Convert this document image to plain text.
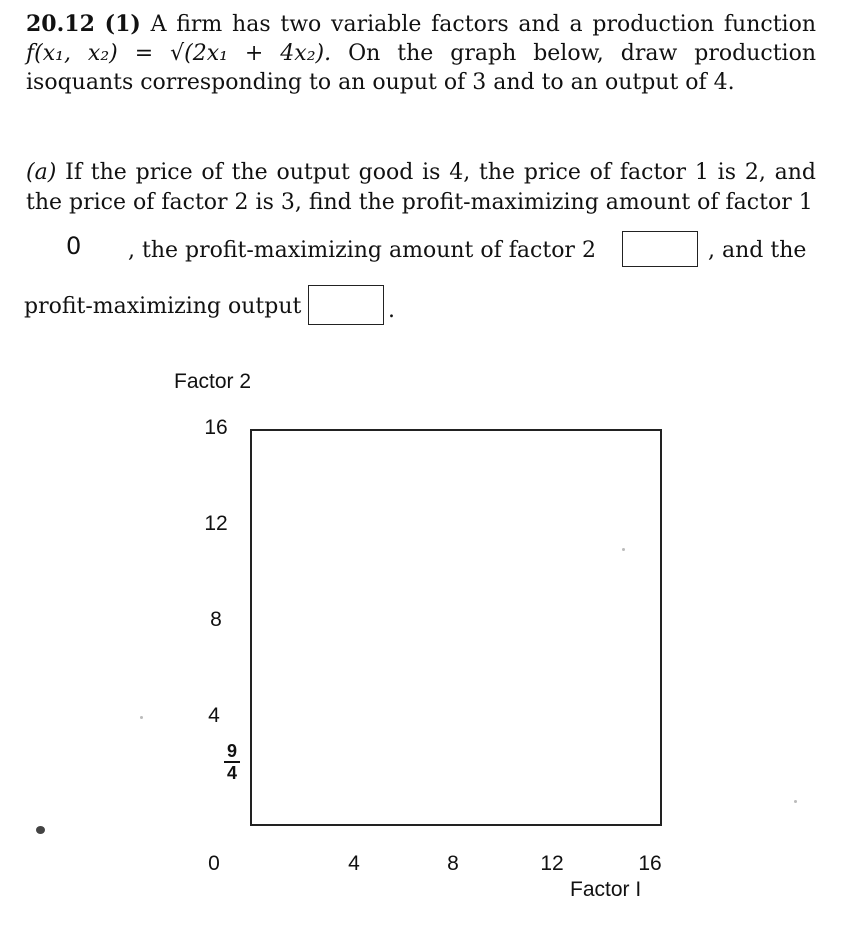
20.12 (1) A firm has two variable factors and a production function f(x₁, x₂) = √(2x₁ + 4x₂). On the graph below, draw production isoquants corresponding to an ouput of 3 and to an output of 4.
(a) If the price of the output good is 4, the price of factor 1 is 2, and the price of factor 2 is 3, find the profit-maximizing amount of factor 1
0 , the profit-maximizing amount of factor 2	, and the
profit-maximizing output	.
Factor 2
16
12
8
4
9
4
0	4	8	12	16
Factor I
